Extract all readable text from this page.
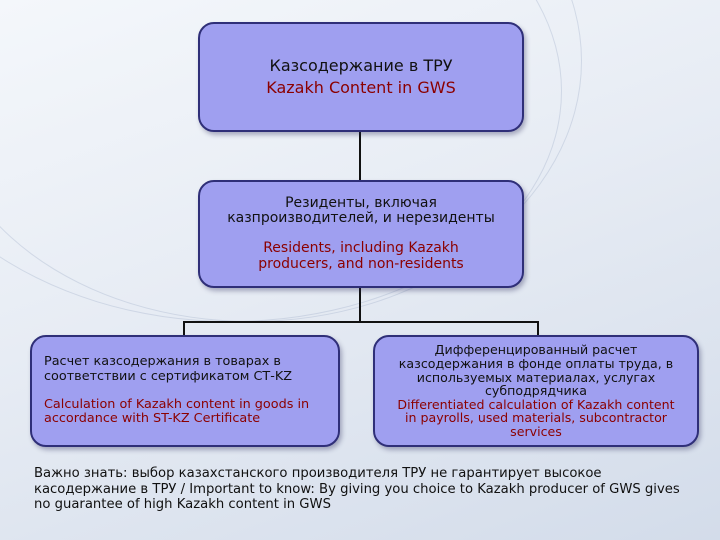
Казсодержание в ТРУ
Kazakh Content in GWS
Резиденты, включая казпроизводителей, и нерезиденты
Residents, including Kazakh producers, and non-residents
Расчет казсодержания в товарах в соответствии с сертификатом СТ-KZ
Calculation of Kazakh content in goods in accordance with ST-KZ Certificate
Дифференцированный расчет казсодержания в фонде оплаты труда, в используемых материалах, услугах субподрядчика
Differentiated calculation of Kazakh content in payrolls, used materials, subcontractor services
Важно знать: выбор казахстанского производителя ТРУ не гарантирует высокое касодержание в ТРУ / Important to know: By giving you choice to Kazakh producer of GWS gives no guarantee of high Kazakh content in GWS
